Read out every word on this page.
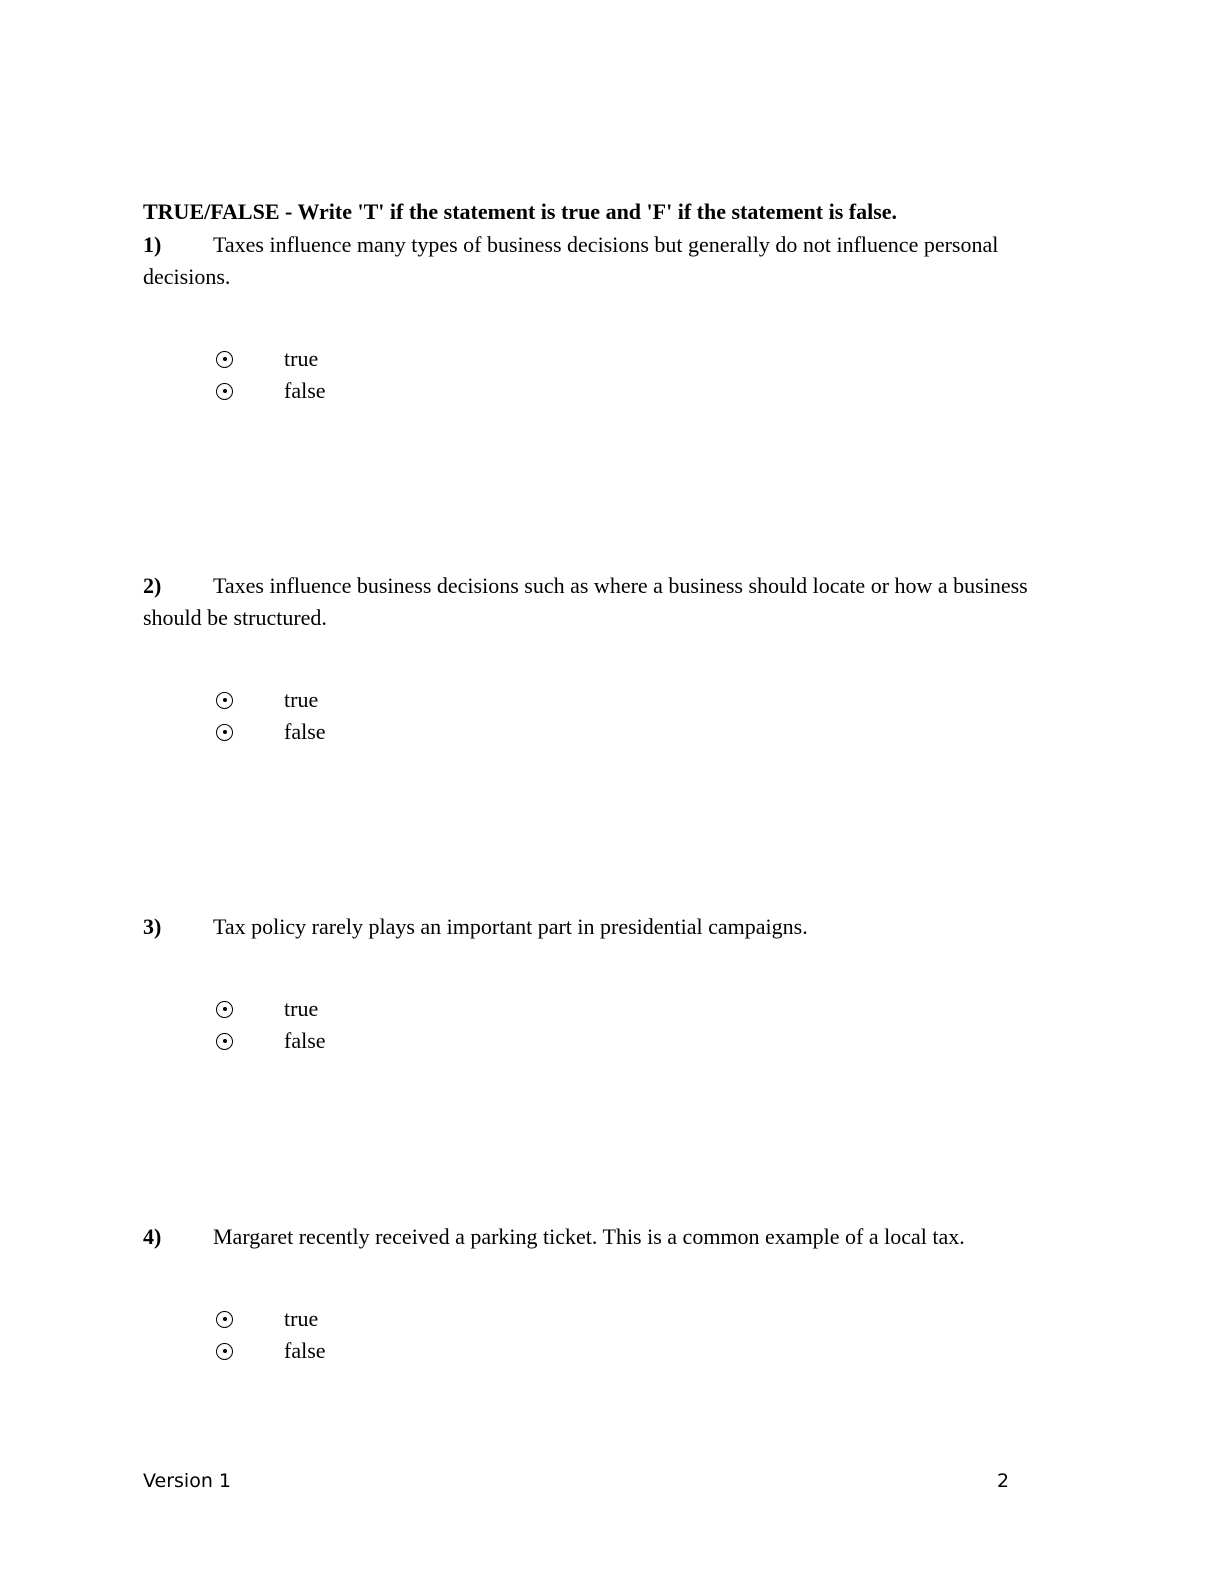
TRUE/FALSE - Write 'T' if the statement is true and 'F' if the statement is false.
1) Taxes influence many types of business decisions but generally do not influence personal decisions.
true
false
2) Taxes influence business decisions such as where a business should locate or how a business should be structured.
true
false
3) Tax policy rarely plays an important part in presidential campaigns.
true
false
4) Margaret recently received a parking ticket. This is a common example of a local tax.
true
false
Version 1	2
